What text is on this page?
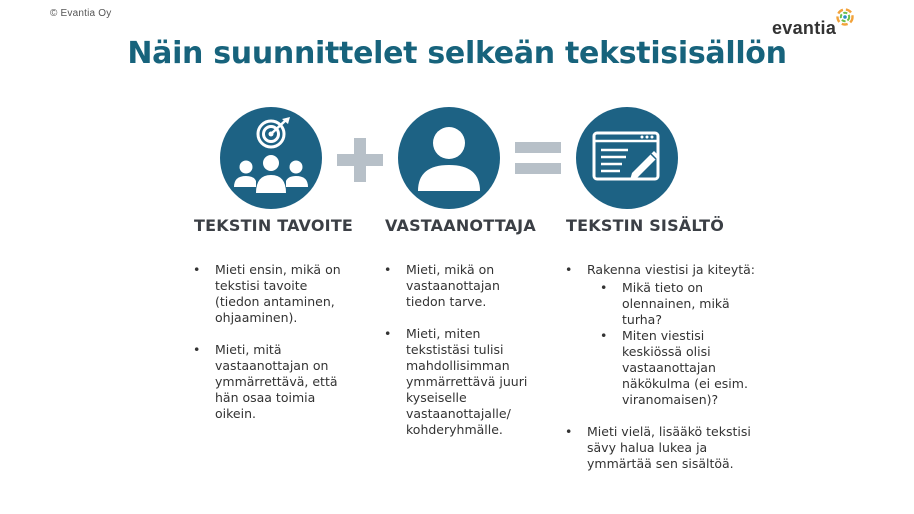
© Evantia Oy
evantia
Näin suunnittelet selkeän tekstisisällön
TEKSTIN TAVOITE VASTAANOTTAJA TEKSTIN SISÄLTÖ
• Mieti ensin, mikä on tekstisi tavoite (tiedon antaminen, ohjaaminen).
• Mieti, mitä vastaanottajan on ymmärrettävä, että hän osaa toimia oikein.
• Mieti, mikä on vastaanottajan tiedon tarve.
• Mieti, miten tekstistäsi tulisi mahdollisimman ymmärrettävä juuri kyseiselle vastaanottajalle/ kohderyhmälle.
• Rakenna viestisi ja kiteytä:
• Mikä tieto on olennainen, mikä turha?
• Miten viestisi keskiössä olisi vastaanottajan näkökulma (ei esim. viranomaisen)?
• Mieti vielä, lisääkö tekstisi sävy halua lukea ja ymmärtää sen sisältöä.
